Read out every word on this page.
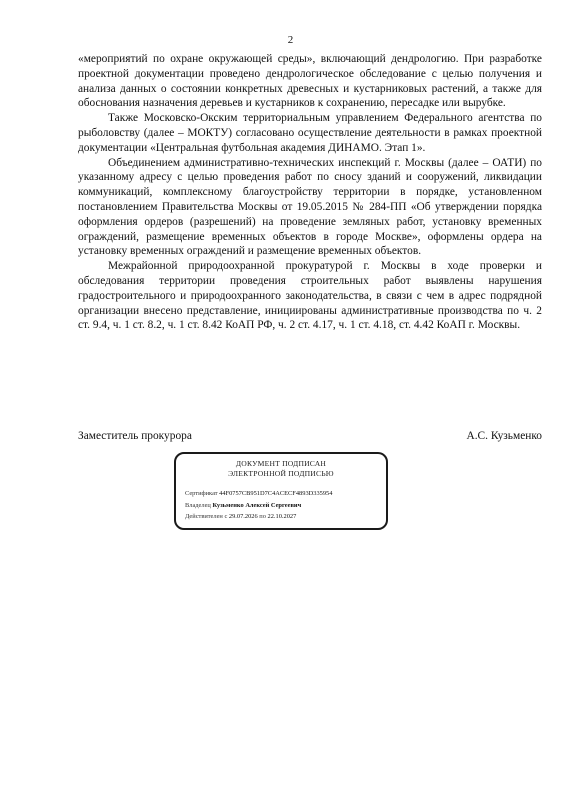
2

«мероприятий по охране окружающей среды», включающий дендрологию. При разработке проектной документации проведено дендрологическое обследование с целью получения и анализа данных о состоянии конкретных древесных и кустарниковых растений, а также для обоснования назначения деревьев и кустарников к сохранению, пересадке или вырубке.

Также Московско-Окским территориальным управлением Федерального агентства по рыболовству (далее – МОКТУ) согласовано осуществление деятельности в рамках проектной документации «Центральная футбольная академия ДИНАМО. Этап 1».

Объединением административно-технических инспекций г. Москвы (далее – ОАТИ) по указанному адресу с целью проведения работ по сносу зданий и сооружений, ликвидации коммуникаций, комплексному благоустройству территории в порядке, установленном постановлением Правительства Москвы от 19.05.2015 № 284-ПП «Об утверждении порядка оформления ордеров (разрешений) на проведение земляных работ, установку временных ограждений, размещение временных объектов в городе Москве», оформлены ордера на установку временных ограждений и размещение временных объектов.

Межрайонной природоохранной прокуратурой г. Москвы в ходе проверки и обследования территории проведения строительных работ выявлены нарушения градостроительного и природоохранного законодательства, в связи с чем в адрес подрядной организации внесено представление, инициированы административные производства по ч. 2 ст. 9.4, ч. 1 ст. 8.2, ч. 1 ст. 8.42 КоАП РФ, ч. 2 ст. 4.17, ч. 1 ст. 4.18, ст. 4.42 КоАП г. Москвы.

Заместитель прокурора	А.С. Кузьменко
ДОКУМЕНТ ПОДПИСАН
ЭЛЕКТРОННОЙ ПОДПИСЬЮ
Сертификат 44F0757CB951D7C4ACECF4893D335954
Владелец Кузьменко Алексей Сергеевич
Действителен с 29.07.2026 по 22.10.2027
